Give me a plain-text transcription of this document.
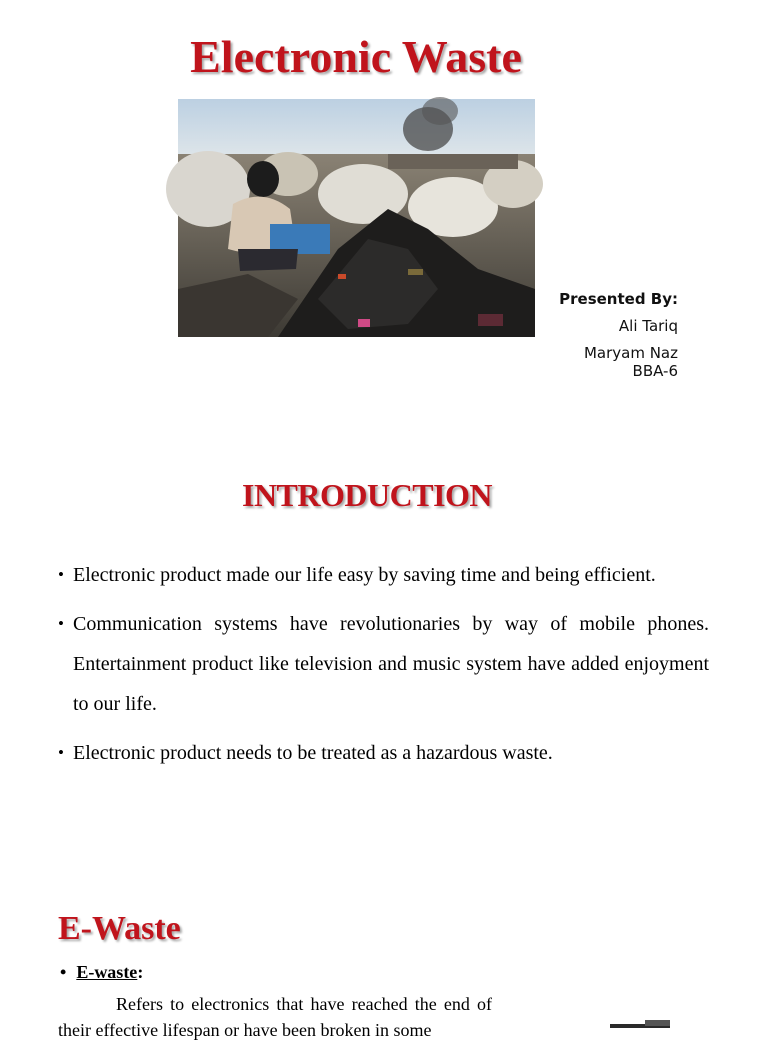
Electronic Waste
Presented By:
Ali Tariq
Maryam Naz
BBA-6
INTRODUCTION
• Electronic product made our life easy by saving time and being efficient.
• Communication systems have revolutionaries by way of mobile phones. Entertainment product like television and music system have added enjoyment to our life.
• Electronic product needs to be treated as a hazardous waste.
E-Waste
• E-waste:
Refers to electronics that have reached the end of their effective lifespan or have been broken in some
